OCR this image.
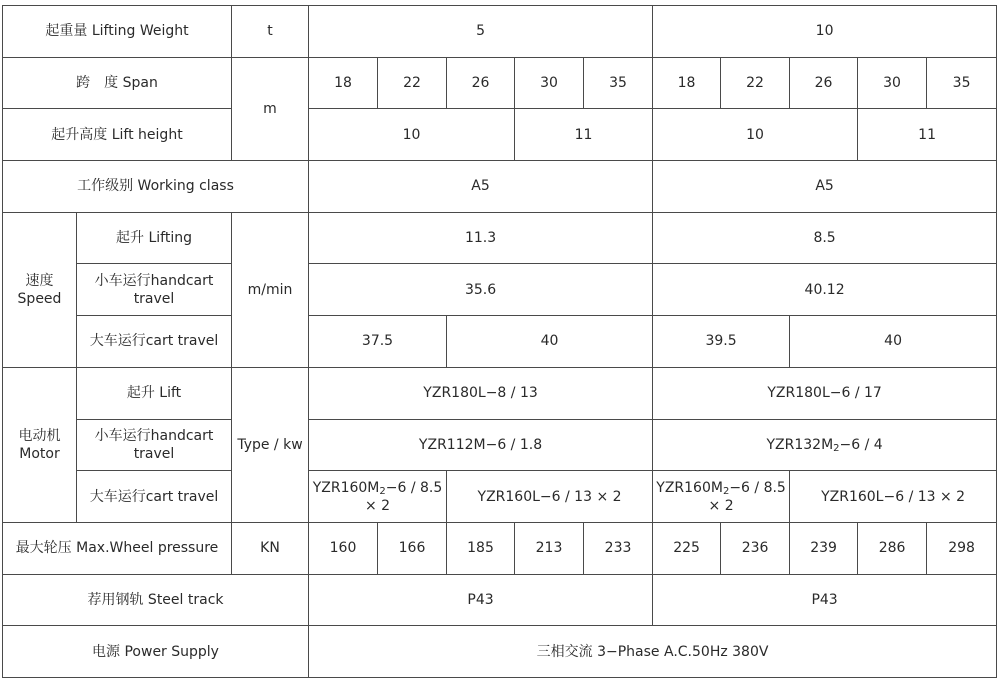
起重量 Lifting Weight		t	5					10				
跨　度 Span		m	18	22	26	30	35	18	22	26	30	35
起升高度 Lift height			10			11		10			11	
工作级别 Working class			A5					A5				
速度
Speed	起升 Lifting	m/min	11.3					8.5				
	小车运行handcart travel		35.6					40.12				
	大车运行cart travel		37.5		40			39.5		40		
电动机
Motor	起升 Lift	Type / kw	YZR180L−8 / 13					YZR180L−6 / 17				
	小车运行handcart travel		YZR112M−6 / 1.8					$YZR132M_2-6 / 4$				
	大车运行cart travel		$YZR160M_2-6 / 8.5 \times 2$		YZR160L−6 / 13 × 2			$YZR160M_2-6 / 8.5 \times 2$		YZR160L−6 / 13 × 2		
最大轮压 Max.Wheel pressure		KN	160	166	185	213	233	225	236	239	286	298
荐用钢轨 Steel track			P43					P43				
电源 Power Supply			三相交流 3−Phase A.C.50Hz 380V									
